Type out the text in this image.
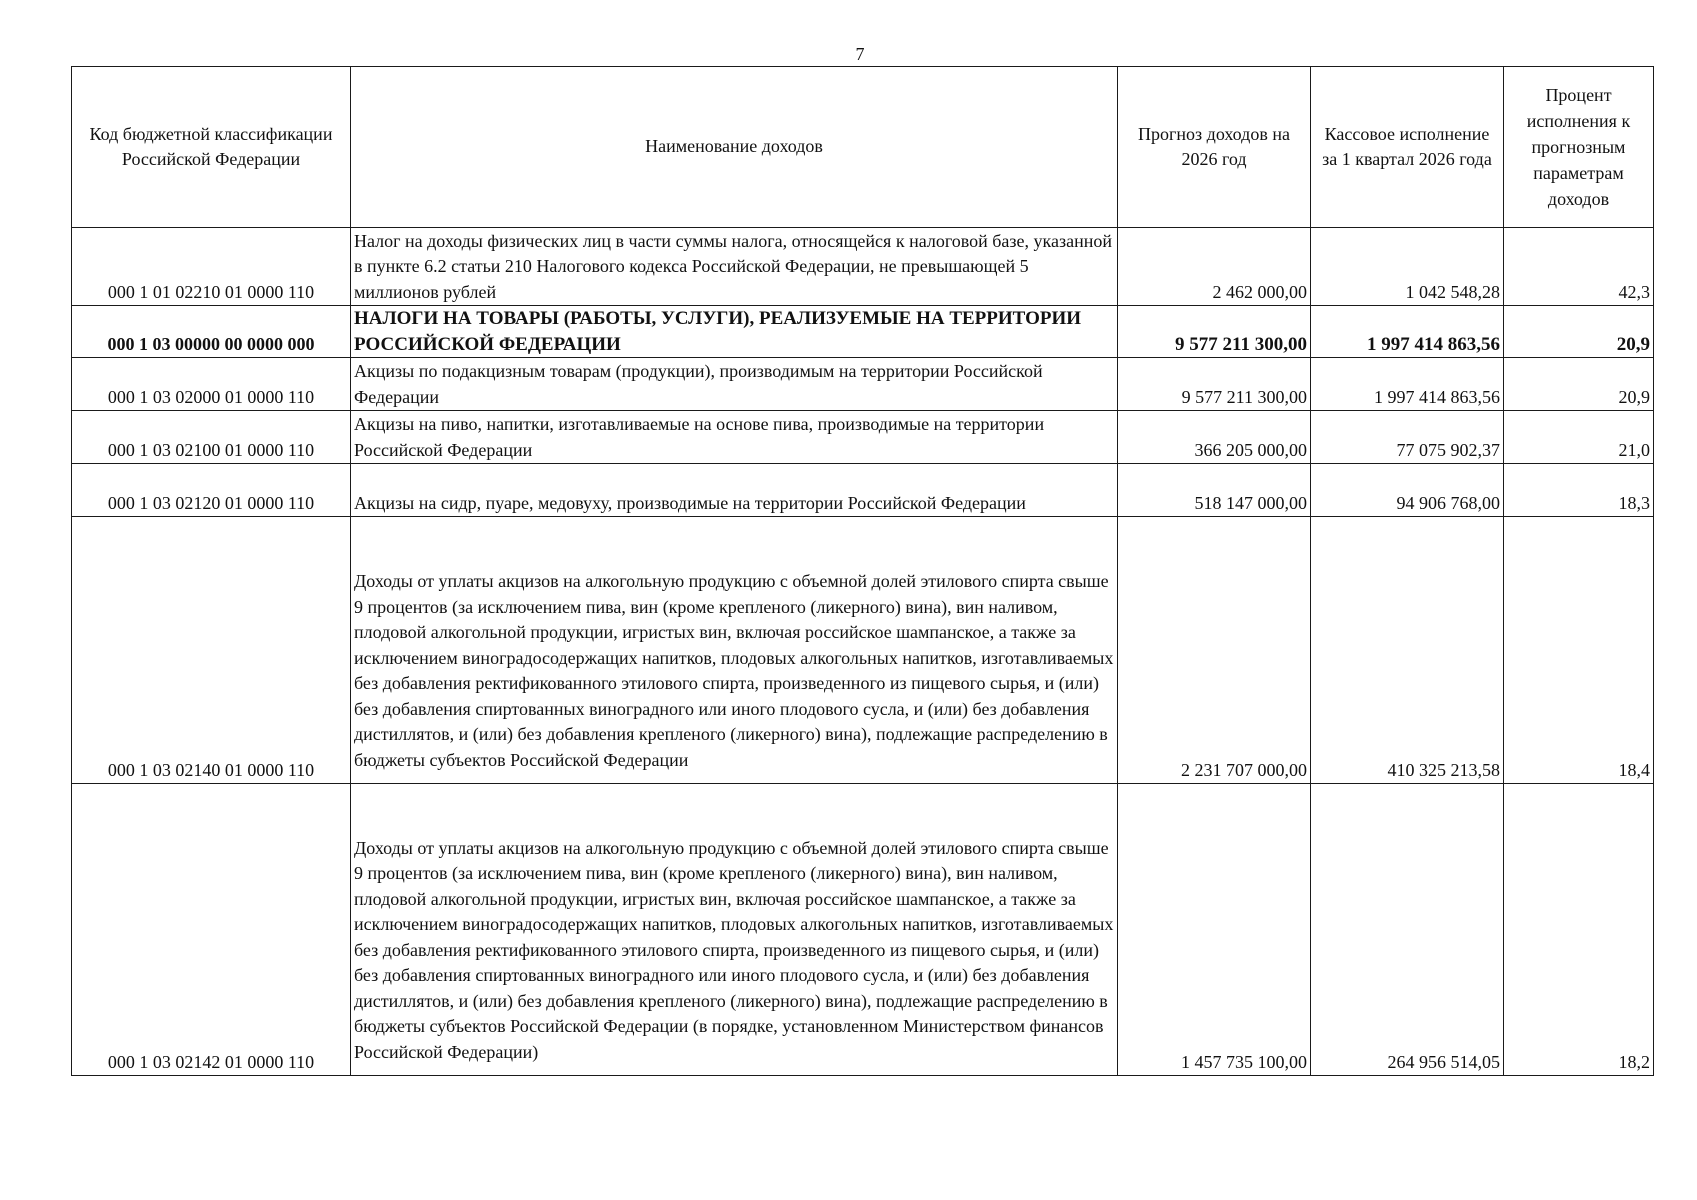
7
Код бюджетной классификации Российской Федерации	Наименование доходов	Прогноз доходов на 2026 год	Кассовое исполнение за 1 квартал 2026 года	Процент исполнения к прогнозным параметрам доходов
000 1 01 02210 01 0000 110	Налог на доходы физических лиц в части суммы налога, относящейся к налоговой базе, указанной в пункте 6.2 статьи 210 Налогового кодекса Российской Федерации, не превышающей 5 миллионов рублей	2 462 000,00	1 042 548,28	42,3
000 1 03 00000 00 0000 000	НАЛОГИ НА ТОВАРЫ (РАБОТЫ, УСЛУГИ), РЕАЛИЗУЕМЫЕ НА ТЕРРИТОРИИ РОССИЙСКОЙ ФЕДЕРАЦИИ	9 577 211 300,00	1 997 414 863,56	20,9
000 1 03 02000 01 0000 110	Акцизы по подакцизным товарам (продукции), производимым на территории Российской Федерации	9 577 211 300,00	1 997 414 863,56	20,9
000 1 03 02100 01 0000 110	Акцизы на пиво, напитки, изготавливаемые на основе пива, производимые на территории Российской Федерации	366 205 000,00	77 075 902,37	21,0
000 1 03 02120 01 0000 110	Акцизы на сидр, пуаре, медовуху, производимые на территории Российской Федерации	518 147 000,00	94 906 768,00	18,3
000 1 03 02140 01 0000 110	Доходы от уплаты акцизов на алкогольную продукцию с объемной долей этилового спирта свыше 9 процентов (за исключением пива, вин (кроме крепленого (ликерного) вина), вин наливом, плодовой алкогольной продукции, игристых вин, включая российское шампанское, а также за исключением виноградосодержащих напитков, плодовых алкогольных напитков, изготавливаемых без добавления ректификованного этилового спирта, произведенного из пищевого сырья, и (или) без добавления спиртованных виноградного или иного плодового сусла, и (или) без добавления дистиллятов, и (или) без добавления крепленого (ликерного) вина), подлежащие распределению в бюджеты субъектов Российской Федерации	2 231 707 000,00	410 325 213,58	18,4
000 1 03 02142 01 0000 110	Доходы от уплаты акцизов на алкогольную продукцию с объемной долей этилового спирта свыше 9 процентов (за исключением пива, вин (кроме крепленого (ликерного) вина), вин наливом, плодовой алкогольной продукции, игристых вин, включая российское шампанское, а также за исключением виноградосодержащих напитков, плодовых алкогольных напитков, изготавливаемых без добавления ректификованного этилового спирта, произведенного из пищевого сырья, и (или) без добавления спиртованных виноградного или иного плодового сусла, и (или) без добавления дистиллятов, и (или) без добавления крепленого (ликерного) вина), подлежащие распределению в бюджеты субъектов Российской Федерации (в порядке, установленном Министерством финансов Российской Федерации)	1 457 735 100,00	264 956 514,05	18,2
